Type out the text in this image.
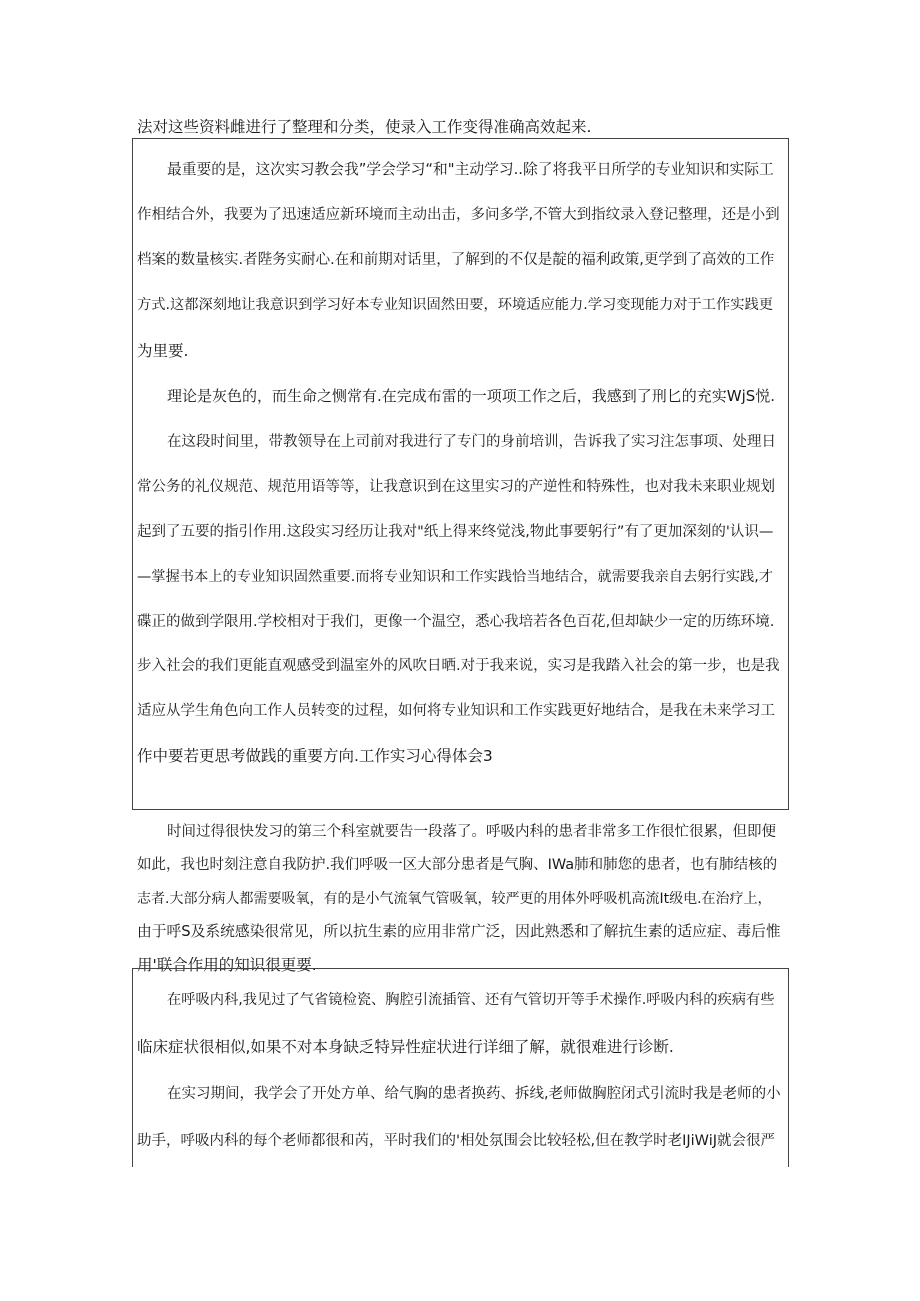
法对这些资料雌进行了整理和分类，使录入工作变得准确高效起来.
最重要的是，这次实习教会我”学会学习“和"主动学习..除了将我平日所学的专业知识和实际工
作相结合外，我要为了迅速适应新环境而主动出击，多问多学,不管大到指纹录入登记整理，还是小到
档案的数量核实.者陛务实耐心.在和前期对话里，了解到的不仅是靛的福利政策,更学到了高效的工作
方式.这都深刻地让我意识到学习好本专业知识固然田要，环境适应能力.学习变现能力对于工作实践更
为里要.
理论是灰色的，而生命之恻常有.在完成布雷的一项项工作之后，我感到了刑匕的充实WjS悦.
在这段时间里，带教领导在上司前对我进行了专门的身前培训，告诉我了实习注怎事项、处理日
常公务的礼仪规范、规范用语等等，让我意识到在这里实习的产逆性和特殊性，也对我未来职业规划
起到了五要的指引作用.这段实习经历让我对"纸上得来终觉浅,物此事要躬行”有了更加深刻的'认识—
—掌握书本上的专业知识固然重要.而将专业知识和工作实践恰当地结合，就需要我亲自去躬行实践,才
碟正的做到学限用.学校相对于我们，更像一个温空，悉心我培若各色百花,但却缺少一定的历练环境.
步入社会的我们更能直观感受到温室外的风吹日晒.对于我来说，实习是我踏入社会的第一步，也是我
适应从学生角色向工作人员转变的过程，如何将专业知识和工作实践更好地结合，是我在未来学习工
作中要若更思考做践的重要方向.工作实习心得体会3
时间过得很快发习的第三个科室就要告一段落了。呼吸内科的患者非常多工作很忙很累，但即便
如此，我也时刻注意自我防护.我们呼吸一区大部分患者是气胸、IWa肺和肺您的患者，也有肺结核的
志者.大部分病人都需要吸氧，有的是小气流氧气管吸氧，较严更的用体外呼吸机高流It级电.在治疗上，
由于呼S及系统感染很常见，所以抗生素的应用非常广泛，因此熟悉和了解抗生素的适应症、毒后惟
用'联合作用的知识很更要.
在呼吸内科,我见过了气省镜检瓷、胸腔引流插管、还有气管切开等手术操作.呼吸内科的疾病有些
临床症状很相似,如果不对本身缺乏特异性症状进行详细了解，就很难进行诊断.
在实习期间，我学会了开处方单、给气胸的患者换药、拆线,老师做胸腔闭式引流时我是老师的小
助手，呼吸内科的每个老师都很和芮，平时我们的'相处氛围会比较轻松,但在教学时老IJiWiJ就会很严
